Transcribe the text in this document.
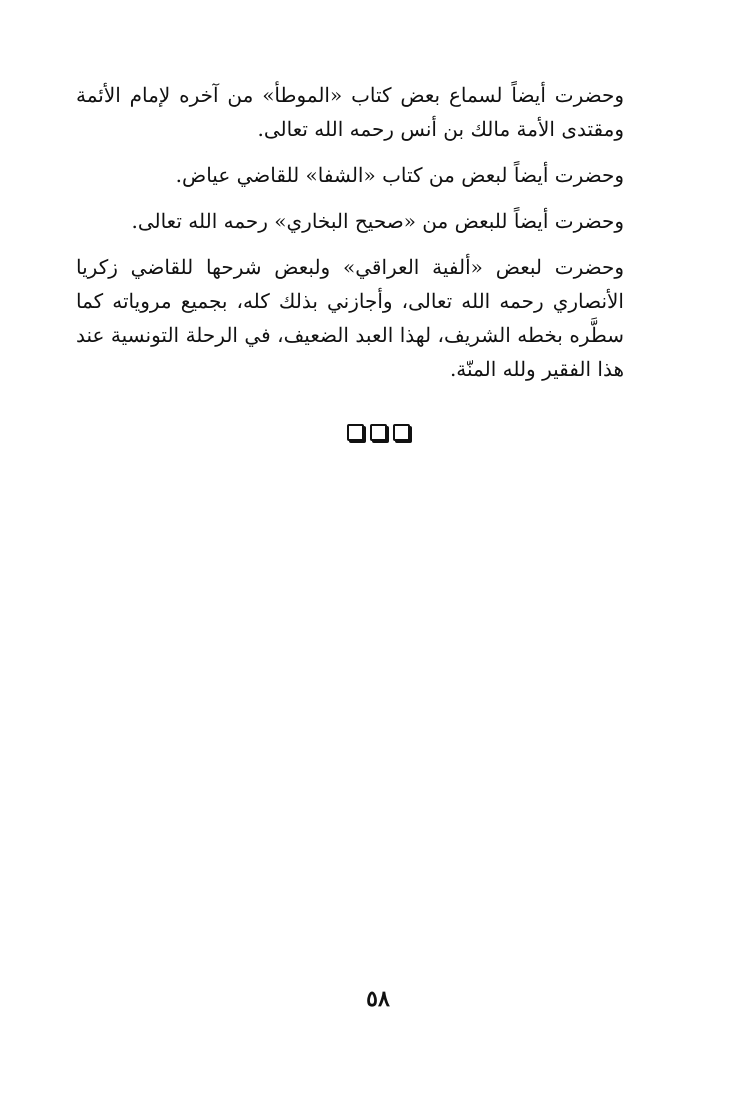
وحضرت أيضاً لسماع بعض كتاب «الموطأ» من آخره لإمام الأئمة ومقتدى الأمة مالك بن أنس رحمه الله تعالى.

وحضرت أيضاً لبعض من كتاب «الشفا» للقاضي عياض.

وحضرت أيضاً للبعض من «صحيح البخاري» رحمه الله تعالى.

وحضرت لبعض «ألفية العراقي» ولبعض شرحها للقاضي زكريا الأنصاري رحمه الله تعالى، وأجازني بذلك كله، بجميع مروياته كما سطَّره بخطه الشريف، لهذا العبد الضعيف، في الرحلة التونسية عند هذا الفقير ولله المنّة.

٥٨
